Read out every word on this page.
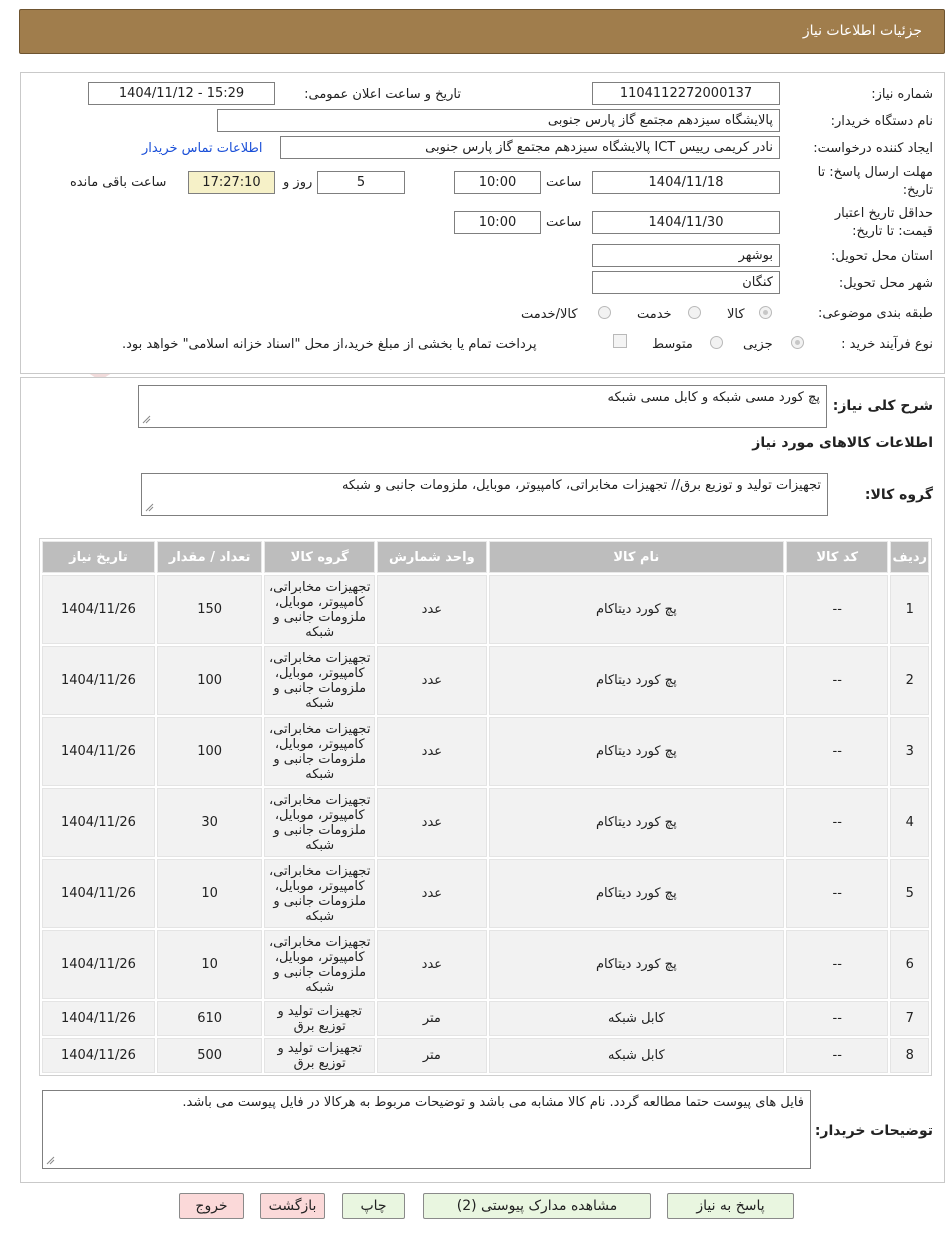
جزئیات اطلاعات نیاز
شماره نیاز:
1104112272000137
تاریخ و ساعت اعلان عمومی:
1404/11/12 - 15:29
نام دستگاه خریدار:
پالایشگاه سیزدهم مجتمع گاز پارس جنوبی
ایجاد کننده درخواست:
نادر کریمی رییس ICT پالایشگاه سیزدهم مجتمع گاز پارس جنوبی
اطلاعات تماس خریدار
مهلت ارسال پاسخ: تا
تاریخ:
1404/11/18
ساعت
10:00
5
روز و
17:27:10
ساعت باقی مانده
حداقل تاریخ اعتبار
قیمت: تا تاریخ:
1404/11/30
ساعت
10:00
استان محل تحویل:
بوشهر
شهر محل تحویل:
کنگان
طبقه بندی موضوعی:
کالا
خدمت
کالا/خدمت
نوع فرآیند خرید :
جزیی
متوسط
پرداخت تمام یا بخشی از مبلغ خرید،از محل "اسناد خزانه اسلامی" خواهد بود.
شرح کلی نیاز:
پچ کورد مسی شبکه و کابل مسی شبکه
اطلاعات کالاهای مورد نیاز
گروه کالا:
تجهیزات تولید و توزیع برق// تجهیزات مخابراتی، کامپیوتر، موبایل، ملزومات جانبی و شبکه
ردیف	کد کالا	نام کالا	واحد شمارش	گروه کالا	تعداد / مقدار	تاریخ نیاز
1	--	پچ کورد دیتاکام	عدد	تجهیزات مخابراتی، کامپیوتر، موبایل، ملزومات جانبی و شبکه	150	1404/11/26
2	--	پچ کورد دیتاکام	عدد	تجهیزات مخابراتی، کامپیوتر، موبایل، ملزومات جانبی و شبکه	100	1404/11/26
3	--	پچ کورد دیتاکام	عدد	تجهیزات مخابراتی، کامپیوتر، موبایل، ملزومات جانبی و شبکه	100	1404/11/26
4	--	پچ کورد دیتاکام	عدد	تجهیزات مخابراتی، کامپیوتر، موبایل، ملزومات جانبی و شبکه	30	1404/11/26
5	--	پچ کورد دیتاکام	عدد	تجهیزات مخابراتی، کامپیوتر، موبایل، ملزومات جانبی و شبکه	10	1404/11/26
6	--	پچ کورد دیتاکام	عدد	تجهیزات مخابراتی، کامپیوتر، موبایل، ملزومات جانبی و شبکه	10	1404/11/26
7	--	کابل شبکه	متر	تجهیزات تولید و توزیع برق	610	1404/11/26
8	--	کابل شبکه	متر	تجهیزات تولید و توزیع برق	500	1404/11/26
توضیحات خریدار:
فایل های پیوست حتما مطالعه گردد. نام کالا مشابه می باشد و توضیحات مربوط به هرکالا در فایل پیوست می باشد.
پاسخ به نیاز
مشاهده مدارک پیوستی (2)
چاپ
بازگشت
خروج
